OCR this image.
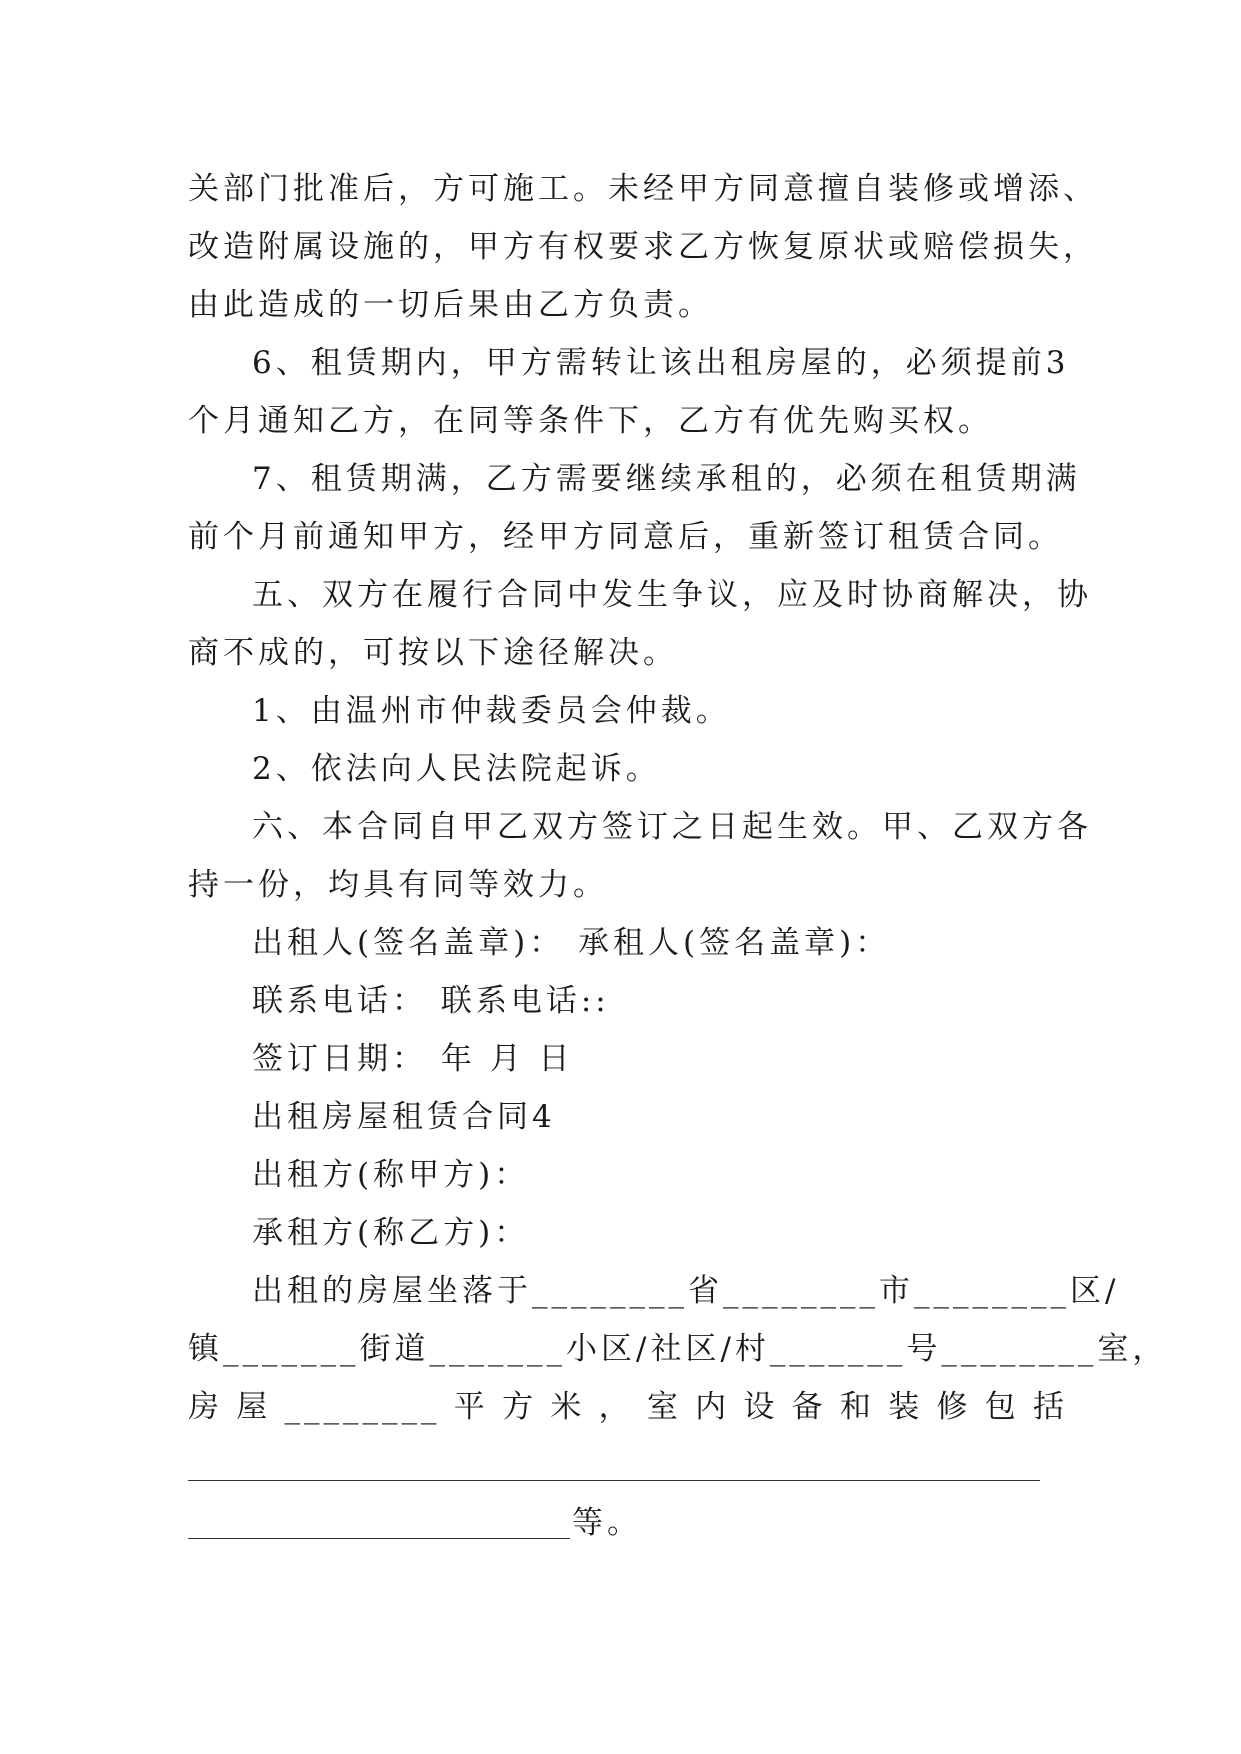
关部门批准后，方可施工。未经甲方同意擅自装修或增添、
改造附属设施的，甲方有权要求乙方恢复原状或赔偿损失，
由此造成的一切后果由乙方负责。
6、租赁期内，甲方需转让该出租房屋的，必须提前3
个月通知乙方，在同等条件下，乙方有优先购买权。
7、租赁期满，乙方需要继续承租的，必须在租赁期满
前个月前通知甲方，经甲方同意后，重新签订租赁合同。
五、双方在履行合同中发生争议，应及时协商解决，协
商不成的，可按以下途径解决。
1、由温州市仲裁委员会仲裁。
2、依法向人民法院起诉。
六、本合同自甲乙双方签订之日起生效。甲、乙双方各
持一份，均具有同等效力。
出租人(签名盖章)： 承租人(签名盖章)：
联系电话： 联系电话::
签订日期： 年 月 日
出租房屋租赁合同4
出租方(称甲方)：
承租方(称乙方)：
出租的房屋坐落于________省________市________区/
镇_______街道_______小区/社区/村_______号________室，
房 屋 ________ 平 方 米 ， 室 内 设 备 和 装 修 包 括
等。
